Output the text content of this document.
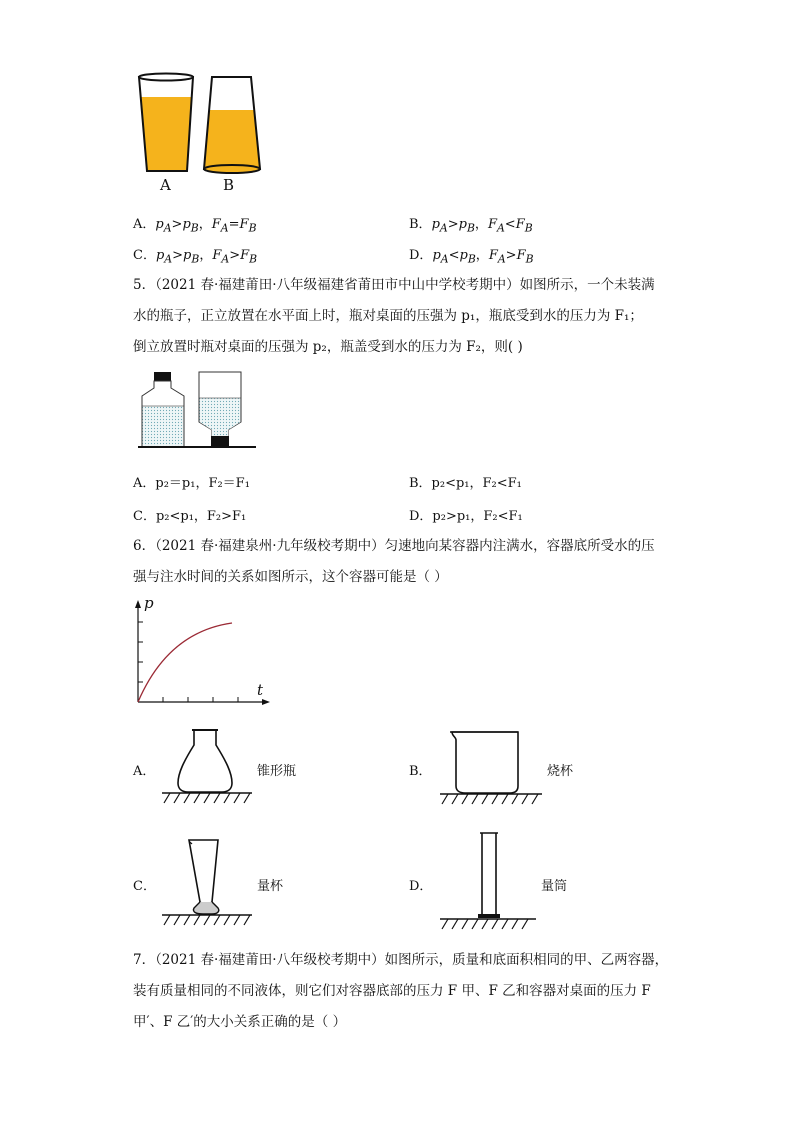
A	B
A．$p_A>p_B$，$F_A=F_B$	B．$p_A>p_B$，$F_A<F_B$
C．$p_A>p_B$，$F_A>F_B$	D．$p_A<p_B$，$F_A>F_B$
5．（2021 春·福建莆田·八年级福建省莆田市中山中学校考期中）如图所示，一个未装满
水的瓶子，正立放置在水平面上时，瓶对桌面的压强为 p₁，瓶底受到水的压力为 F₁；
倒立放置时瓶对桌面的压强为 p₂，瓶盖受到水的压力为 F₂，则( )
A．p₂＝p₁，F₂＝F₁	B．p₂<p₁，F₂<F₁
C．p₂<p₁，F₂>F₁	D．p₂>p₁，F₂<F₁
6．（2021 春·福建泉州·九年级校考期中）匀速地向某容器内注满水，容器底所受水的压
强与注水时间的关系如图所示，这个容器可能是（ ）
p
t
A．	锥形瓶	B．	烧杯
C．	量杯	D．	量筒
7．（2021 春·福建莆田·八年级校考期中）如图所示，质量和底面积相同的甲、乙两容器，
装有质量相同的不同液体，则它们对容器底部的压力 F 甲、F 乙和容器对桌面的压力 F
甲′、F 乙′的大小关系正确的是（ ）
